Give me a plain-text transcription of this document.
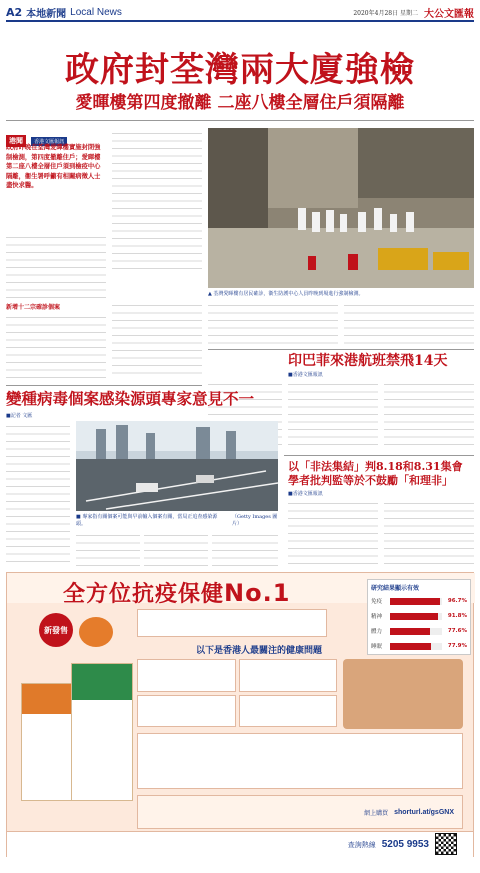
A2 本地新聞 Local News	2020年4月28日 星期二 大公文匯報
政府封荃灣兩大廈強檢
愛暉樓第四度撤離 二座八樓全層住戶須隔離
港聞 香港文匯報訊
政府昨晚在荃灣愛暉樓實施封閉強制檢測，第四度撤離住戶；愛暉樓第二座八樓全層住戶須到檢疫中心隔離，衞生署呼籲有相關病徵人士盡快求醫。
新增十二宗確診個案
▲ 荃灣愛暉樓有居民確診，衞生防護中心人員昨晚到場進行強制檢測。
印巴菲來港航班禁飛14天
■香港文匯報訊
變種病毒個案感染源頭專家意見不一
■記者 文匯
■ 專家指有關個案可能與早前輸入個案有關，當局正追查感染源頭。
（Getty Images 圖片）
以「非法集結」判8.18和8.31集會
學者批判監等於不鼓勵「和理非」
■香港文匯報訊
全方位抗疫保健No.1
新發售
以下是香港人最關注的健康問題
研究結果顯示有效
免疫	96.7%
精神	91.8%
體力	77.6%
睡眠	77.9%
網上購買 shorturl.at/gsGNX
查詢熱線 5205 9953
